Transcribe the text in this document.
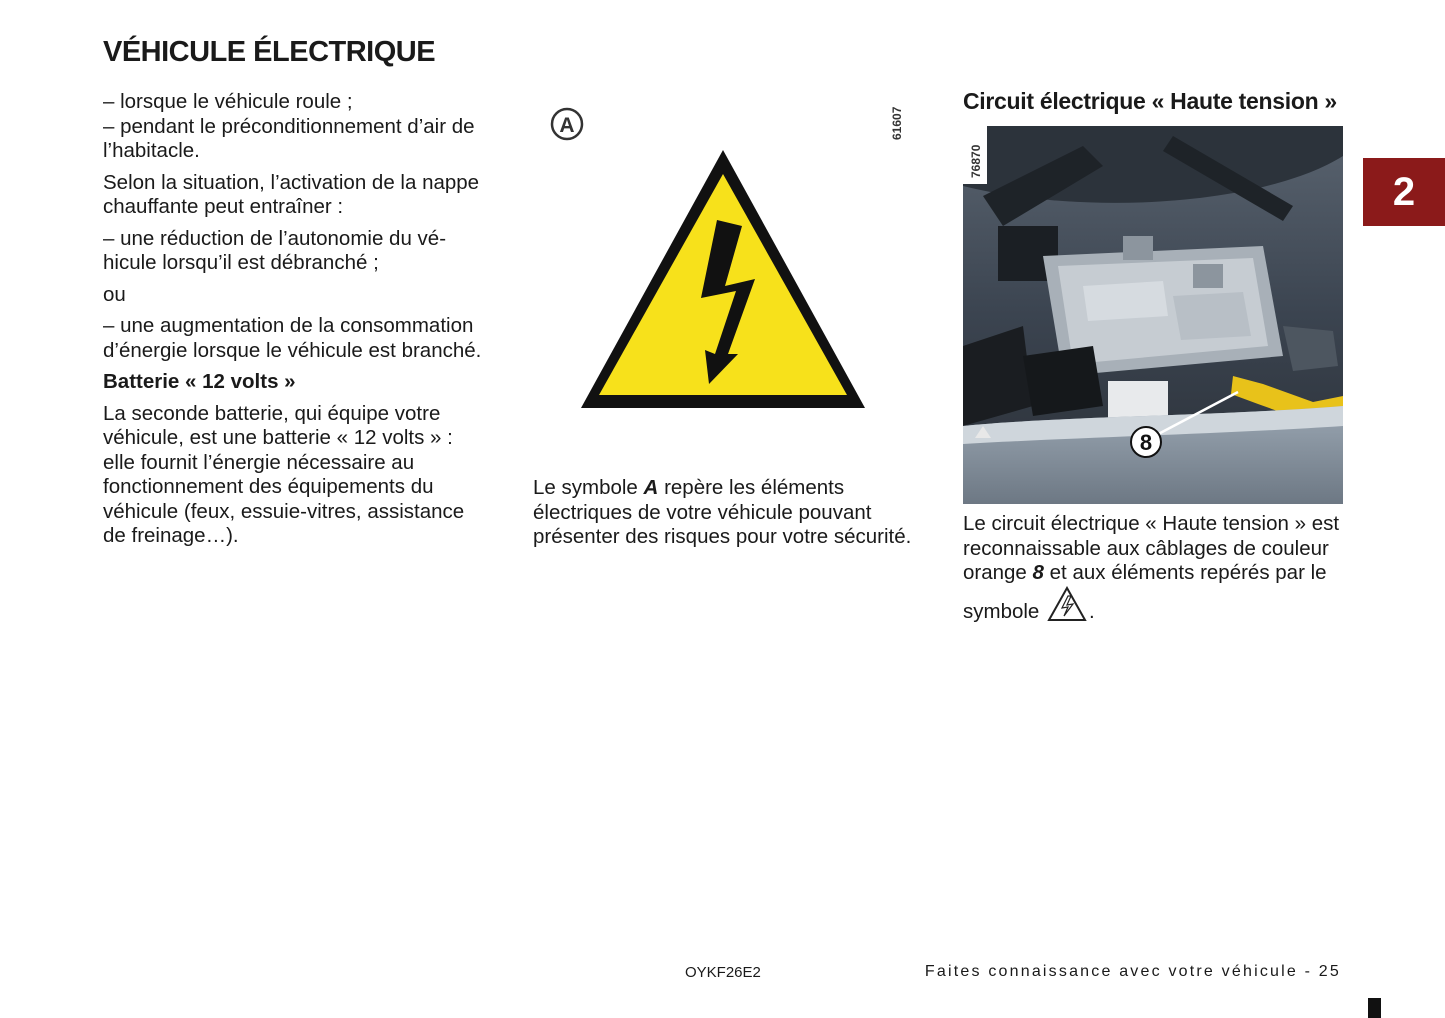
VÉHICULE ÉLECTRIQUE

– lorsque le véhicule roule ;

– pendant le préconditionnement d’air de l’habitacle.

Selon la situation, l’activation de la nappe chauffante peut entraîner :

– une réduction de l’autonomie du véhicule lorsqu’il est débranché ;

ou

– une augmentation de la consommation d’énergie lorsque le véhicule est branché.

Batterie « 12 volts »

La seconde batterie, qui équipe votre véhicule, est une batterie « 12 volts » : elle fournit l’énergie nécessaire au fonctionnement des équipements du véhicule (feux, essuie-vitres, assistance de freinage…).

A	61607

Le symbole A repère les éléments électriques de votre véhicule pouvant présenter des risques pour votre sécurité.

Circuit électrique « Haute tension »
8
76870

Le circuit électrique « Haute tension » est reconnaissable aux câblages de couleur orange 8 et aux éléments repérés par le symbole .

2
OYKF26E2	Faites connaissance avec votre véhicule - 25
